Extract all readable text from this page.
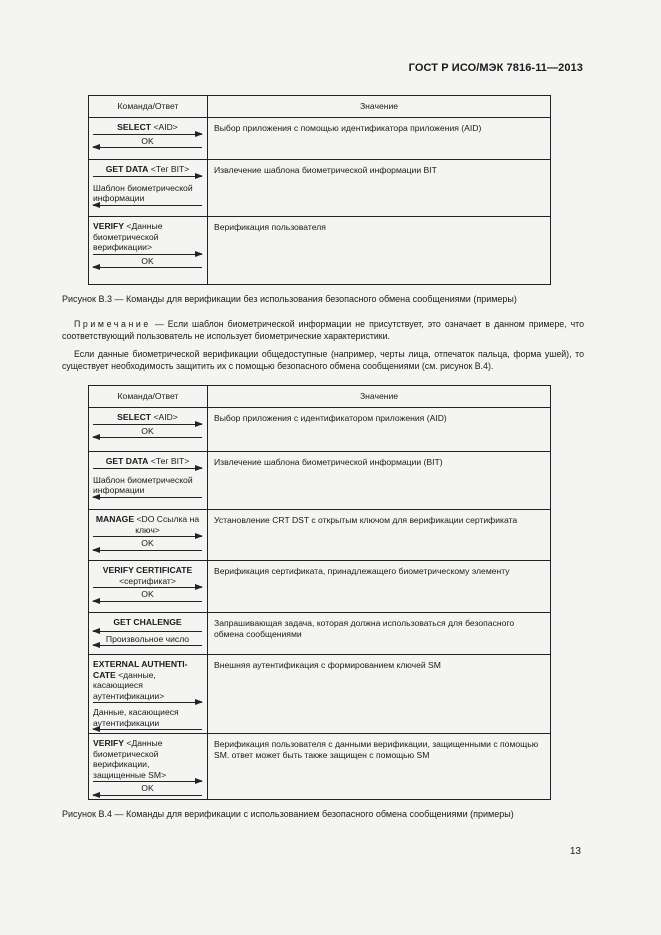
ГОСТ Р ИСО/МЭК 7816-11—2013
Команда/Ответ	Значение

SELECT <AID>
OK	Выбор приложения с помощью идентификатора приложения (AID)

GET DATA <Тег BIT>
Шаблон биометрической информации	Извлечение шаблона биометрической информации BIT

VERIFY <Данные биометрической верификации>
OK	Верификация пользователя
Рисунок В.3 — Команды для верификации без использования безопасного обмена сообщениями (примеры)
Примечание — Если шаблон биометрической информации не присутствует, это означает в данном примере, что соответствующий пользователь не использует биометрические характеристики.
Если данные биометрической верификации общедоступные (например, черты лица, отпечаток пальца, форма ушей), то существует необходимость защитить их с помощью безопасного обмена сообщениями (см. рисунок В.4).
Команда/Ответ	Значение

SELECT <AID>
OK	Выбор приложения с идентификатором приложения (AID)

GET DATA <Тег BIT>
Шаблон биометрической информации	Извлечение шаблона биометрической информации (BIT)

MANAGE <DO Ссылка на ключ>
OK	Установление CRT DST с открытым ключом для верификации сертификата

VERIFY CERTIFICATE <сертификат>
OK	Верификация сертификата, принадлежащего биометрическому элементу

GET CHALENGE
Произвольное число	Запрашивающая задача, которая должна использоваться для безопасного обмена сообщениями

EXTERNAL AUTHENTI-CATE <данные, касающиеся аутентификации>
Данные, касающиеся аутентификации	Внешняя аутентификация с формированием ключей SM

VERIFY <Данные биометрической верификации, защищенные SM>
OK	Верификация пользователя с данными верификации, защищенными с помощью SM. ответ может быть также защищен с помощью SM
Рисунок В.4 — Команды для верификации с использованием безопасного обмена сообщениями (примеры)
13
